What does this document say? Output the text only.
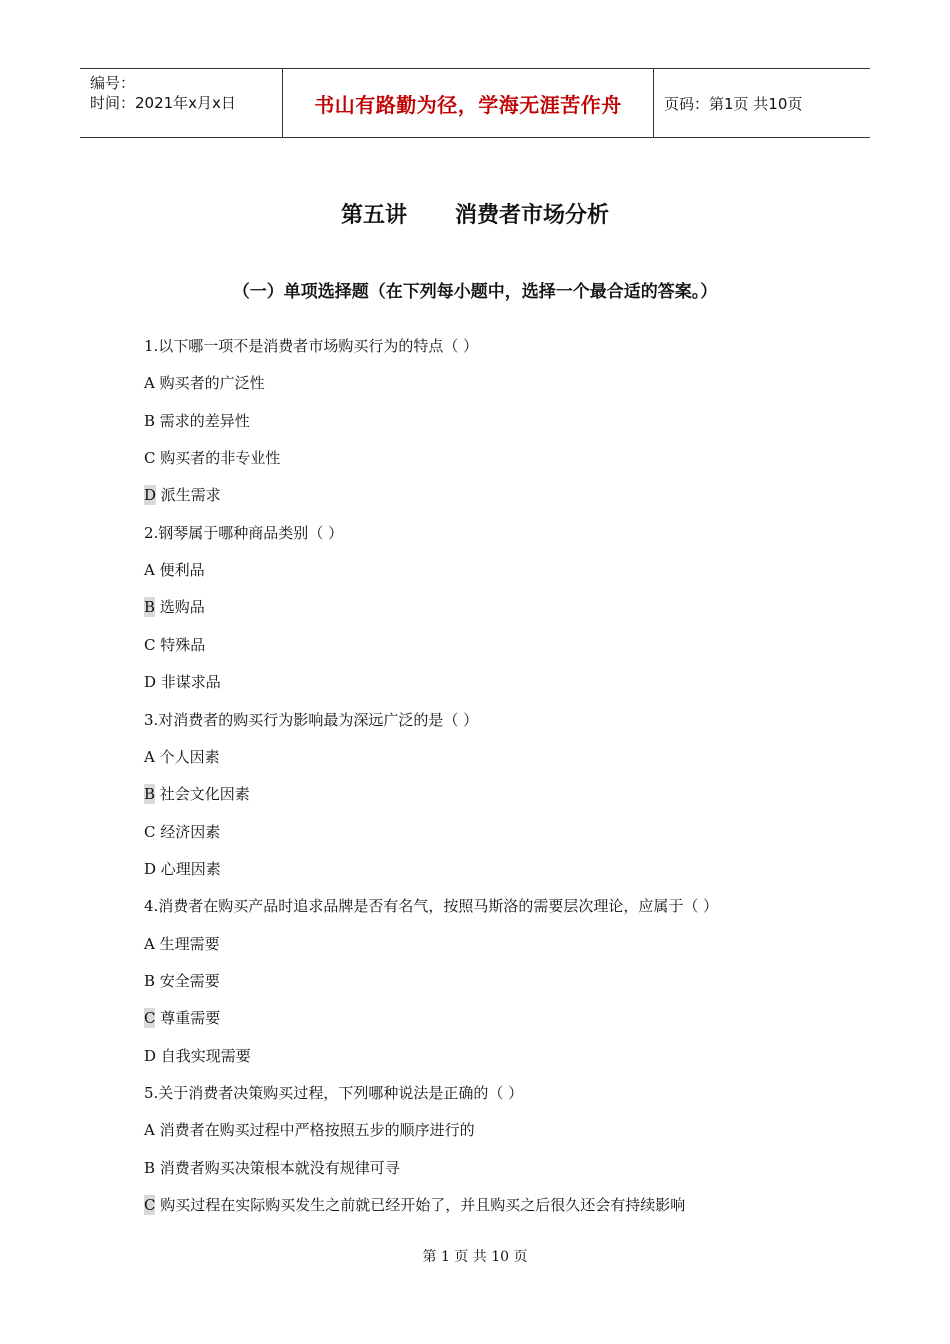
编号：
时间：2021年x月x日	书山有路勤为径，学海无涯苦作舟	页码：第1页 共10页
第五讲 消费者市场分析
（一）单项选择题（在下列每小题中，选择一个最合适的答案。）
1.以下哪一项不是消费者市场购买行为的特点（ ）
A 购买者的广泛性
B 需求的差异性
C 购买者的非专业性
D 派生需求
2.钢琴属于哪种商品类别（ ）
A 便利品
B 选购品
C 特殊品
D 非谋求品
3.对消费者的购买行为影响最为深远广泛的是（ ）
A 个人因素
B 社会文化因素
C 经济因素
D 心理因素
4.消费者在购买产品时追求品牌是否有名气，按照马斯洛的需要层次理论，应属于（ ）
A 生理需要
B 安全需要
C 尊重需要
D 自我实现需要
5.关于消费者决策购买过程，下列哪种说法是正确的（ ）
A 消费者在购买过程中严格按照五步的顺序进行的
B 消费者购买决策根本就没有规律可寻
C 购买过程在实际购买发生之前就已经开始了，并且购买之后很久还会有持续影响
第 1 页 共 10 页
